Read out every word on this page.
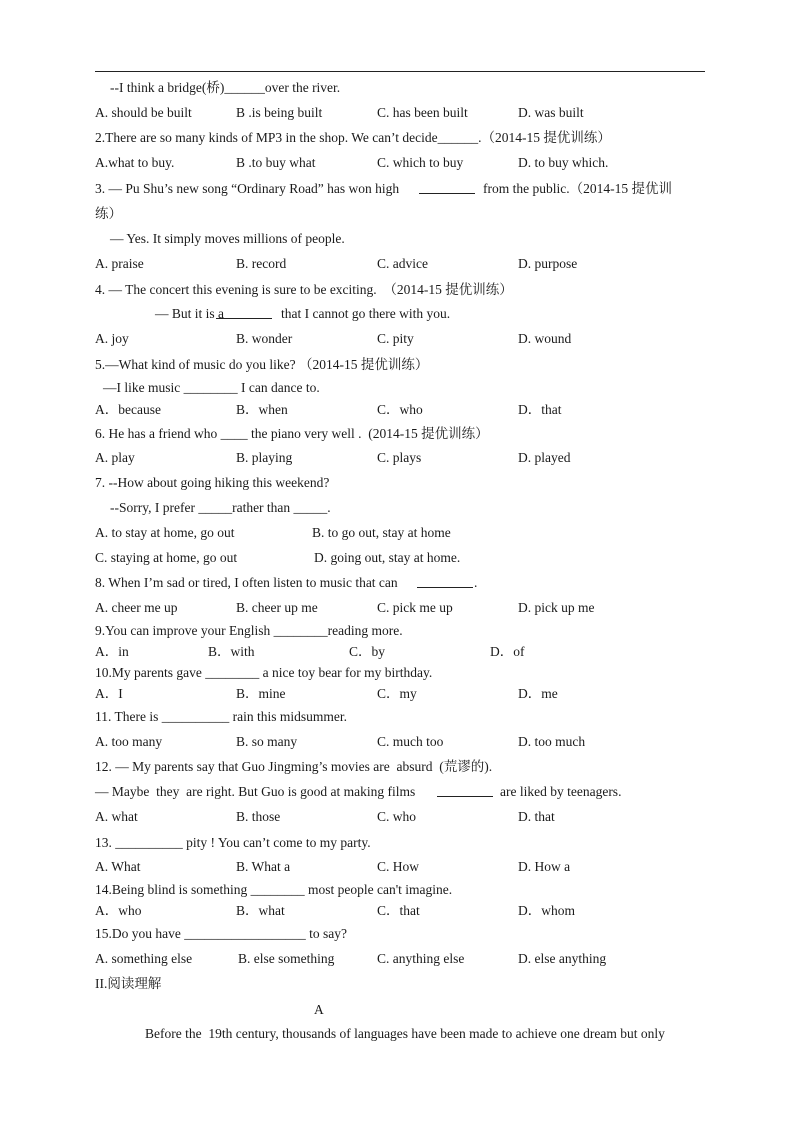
--I think a bridge(桥)______over the river.
A. should be built	B .is being built	C. has been built	D. was built
2.There are so many kinds of MP3 in the shop. We can’t decide______.（2014-15 提优训练）
A.what to buy.	B .to buy what	C. which to buy	D. to buy which.
3. — Pu Shu’s new song “Ordinary Road” has won high	from the public.（2014-15 提优训
练）
— Yes. It simply moves millions of people.
A. praise	B. record	C. advice	D. purpose
4. — The concert this evening is sure to be exciting.  （2014-15 提优训练）
— But it is a	that I cannot go there with you.
A. joy	B. wonder	C. pity	D. wound
5.—What kind of music do you like? （2014-15 提优训练）
—I like music ________ I can dance to.
A．because	B．when	C．who	D．that
6. He has a friend who ____ the piano very well .  (2014-15 提优训练）
A. play	B. playing	C. plays	D. played
7. --How about going hiking this weekend?
--Sorry, I prefer _____rather than _____.
A. to stay at home, go out	B. to go out, stay at home
C. staying at home, go out	D. going out, stay at home.
8. When I’m sad or tired, I often listen to music that can	.
A. cheer me up	B. cheer up me	C. pick me up	D. pick up me
9.You can improve your English ________reading more.
A．in	B．with	C．by	D．of
10.My parents gave ________ a nice toy bear for my birthday.
A．I	B．mine	C．my	D．me
11. There is __________ rain this midsummer.
A. too many	B. so many	C. much too	D. too much
12. — My parents say that Guo Jingming’s movies are  absurd  (荒谬的).
— Maybe  they  are right. But Guo is good at making films	are liked by teenagers.
A. what	B. those	C. who	D. that
13. __________ pity ! You can’t come to my party.
A. What	B. What a	C. How	D. How a
14.Being blind is something ________ most people can't imagine.
A．who	B．what	C．that	D．whom
15.Do you have __________________ to say?
A. something else	B. else something	C. anything else	D. else anything
II.阅读理解
A
Before the  19th century, thousands of languages have been made to achieve one dream but only
